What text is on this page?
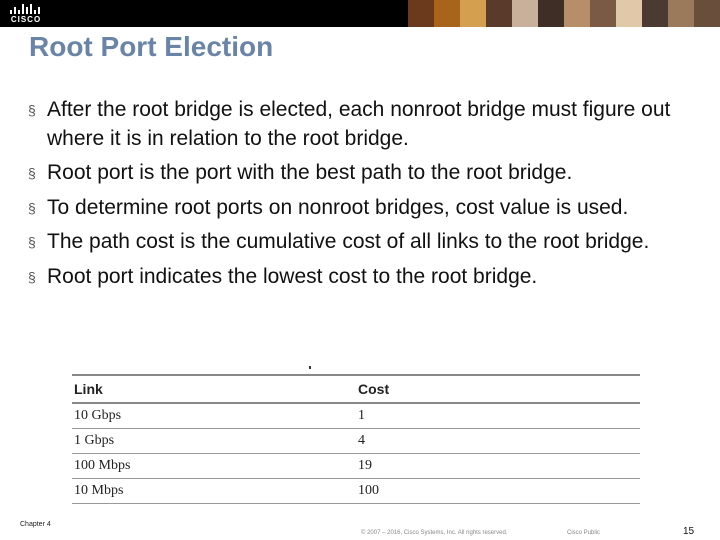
CISCO
Root Port Election
§ After the root bridge is elected, each nonroot bridge must figure out where it is in relation to the root bridge.
§ Root port is the port with the best path to the root bridge.
§ To determine root ports on nonroot bridges, cost value is used.
§ The path cost is the cumulative cost of all links to the root bridge.
§ Root port indicates the lowest cost to the root bridge.
Link	Cost
10 Gbps	1
1 Gbps	4
100 Mbps	19
10 Mbps	100
Chapter 4
© 2007 – 2016, Cisco Systems, Inc. All rights reserved.	Cisco Public	15
